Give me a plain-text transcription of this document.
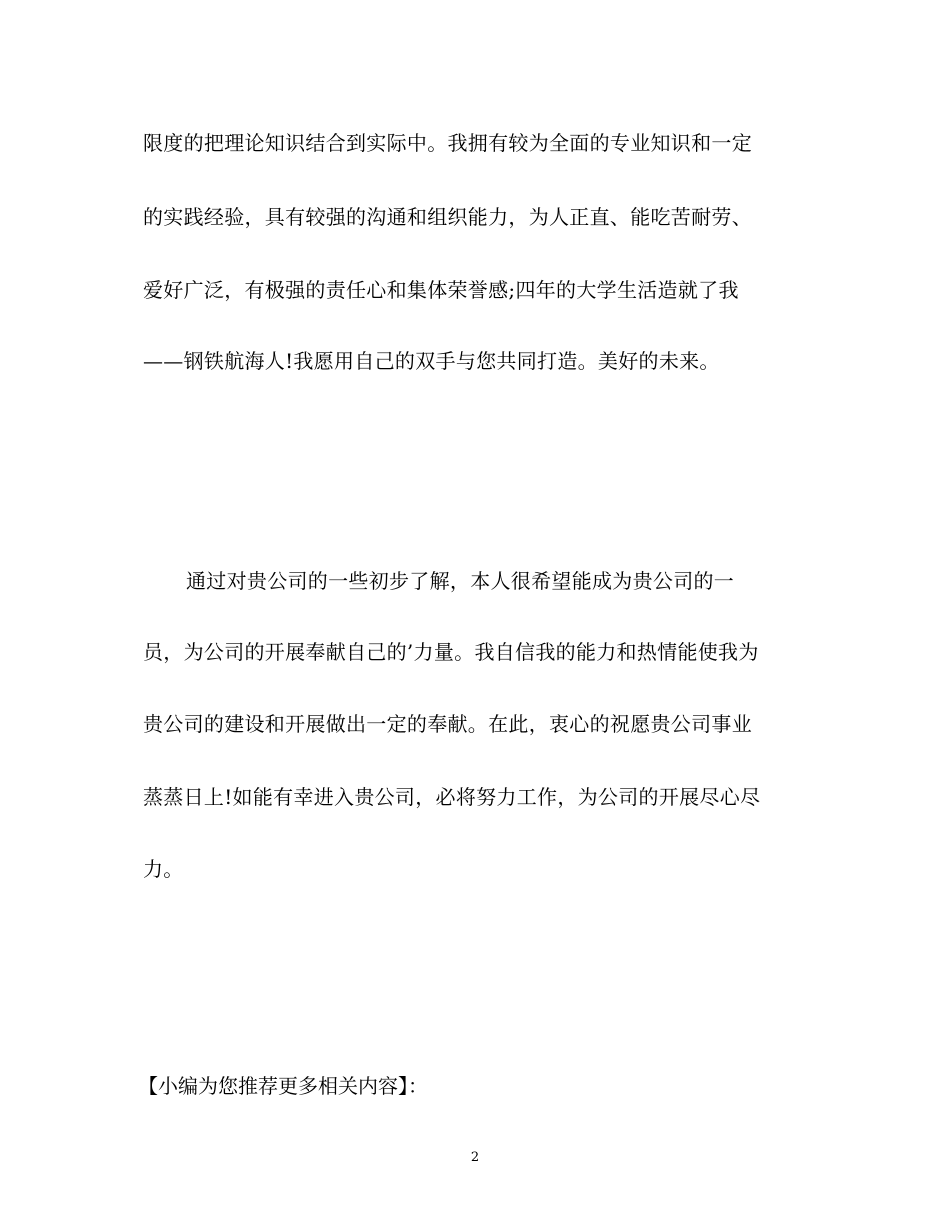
限度的把理论知识结合到实际中。我拥有较为全面的专业知识和一定
的实践经验，具有较强的沟通和组织能力，为人正直、能吃苦耐劳、
爱好广泛，有极强的责任心和集体荣誉感;四年的大学生活造就了我
——钢铁航海人!我愿用自己的双手与您共同打造。美好的未来。
通过对贵公司的一些初步了解，本人很希望能成为贵公司的一
员，为公司的开展奉献自己的’力量。我自信我的能力和热情能使我为
贵公司的建设和开展做出一定的奉献。在此，衷心的祝愿贵公司事业
蒸蒸日上!如能有幸进入贵公司，必将努力工作，为公司的开展尽心尽
力。
【小编为您推荐更多相关内容】：
2
